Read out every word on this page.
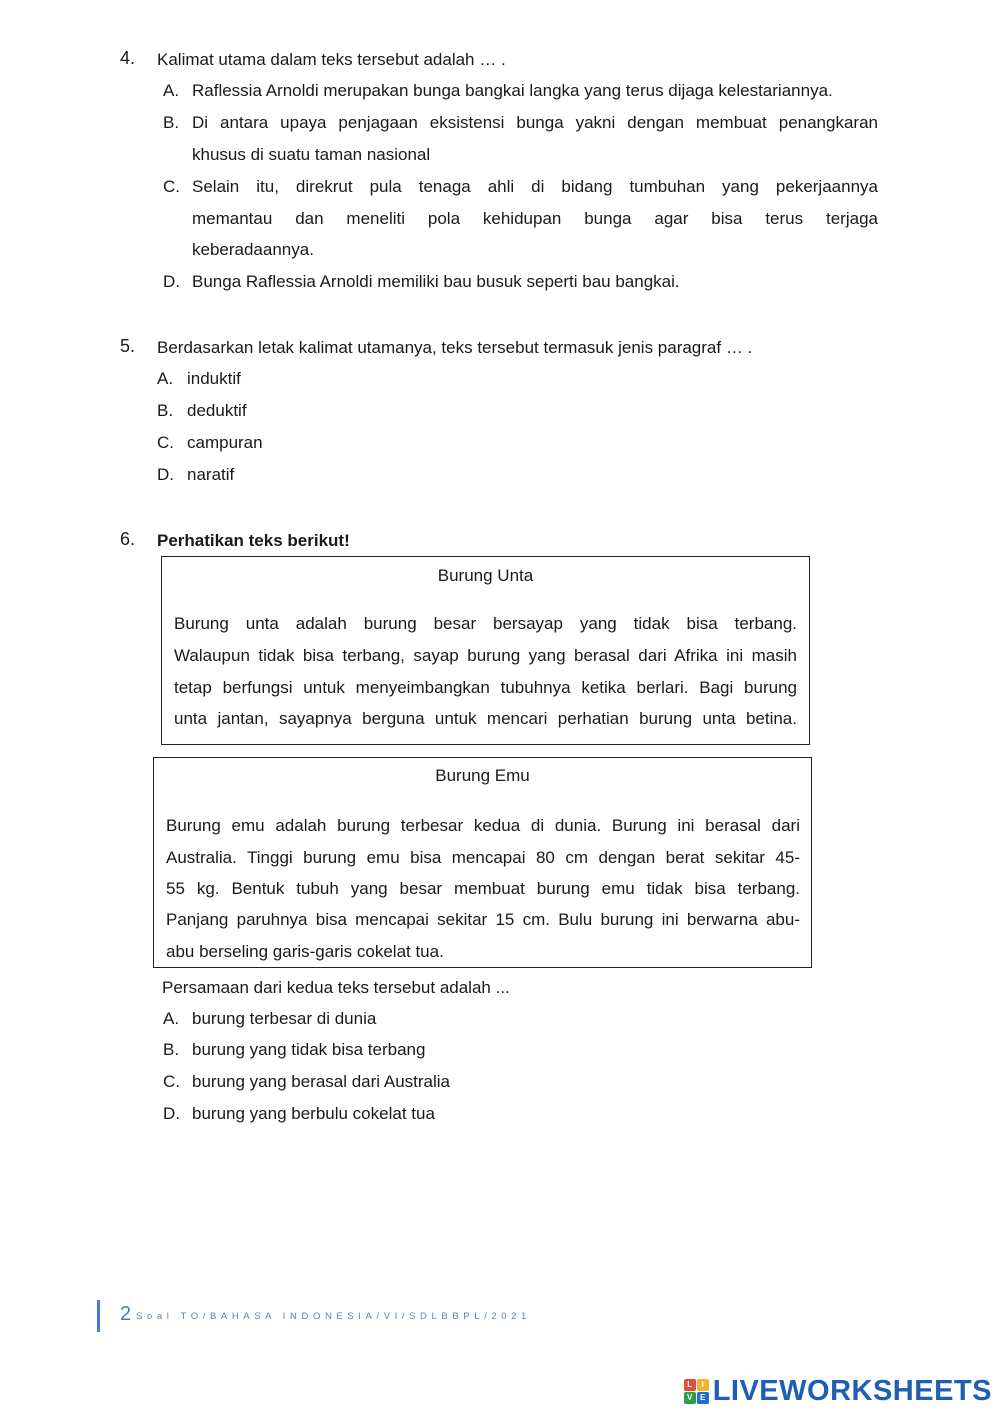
4. Kalimat utama dalam teks tersebut adalah … .
A. Raflessia Arnoldi merupakan bunga bangkai langka yang terus dijaga kelestariannya.
B. Di antara upaya penjagaan eksistensi bunga yakni dengan membuat penangkaran
khusus di suatu taman nasional
C. Selain itu, direkrut pula tenaga ahli di bidang tumbuhan yang pekerjaannya
memantau dan meneliti pola kehidupan bunga agar bisa terus terjaga
keberadaannya.
D. Bunga Raflessia Arnoldi memiliki bau busuk seperti bau bangkai.
5. Berdasarkan letak kalimat utamanya, teks tersebut termasuk jenis paragraf … .
A. induktif
B. deduktif
C. campuran
D. naratif
6. Perhatikan teks berikut!
Burung Unta
Burung unta adalah burung besar bersayap yang tidak bisa terbang.
Walaupun tidak bisa terbang, sayap burung yang berasal dari Afrika ini masih
tetap berfungsi untuk menyeimbangkan tubuhnya ketika berlari. Bagi burung
unta jantan, sayapnya berguna untuk mencari perhatian burung unta betina.
Burung Emu
Burung emu adalah burung terbesar kedua di dunia. Burung ini berasal dari
Australia. Tinggi burung emu bisa mencapai 80 cm dengan berat sekitar 45-
55 kg. Bentuk tubuh yang besar membuat burung emu tidak bisa terbang.
Panjang paruhnya bisa mencapai sekitar 15 cm. Bulu burung ini berwarna abu-
abu berseling garis-garis cokelat tua.
Persamaan dari kedua teks tersebut adalah ...
A. burung terbesar di dunia
B. burung yang tidak bisa terbang
C. burung yang berasal dari Australia
D. burung yang berbulu cokelat tua
2 Soal TO/BAHASA INDONESIA/VI/SDLBBPL/2021
L	I
V E LIVEWORKSHEETS
